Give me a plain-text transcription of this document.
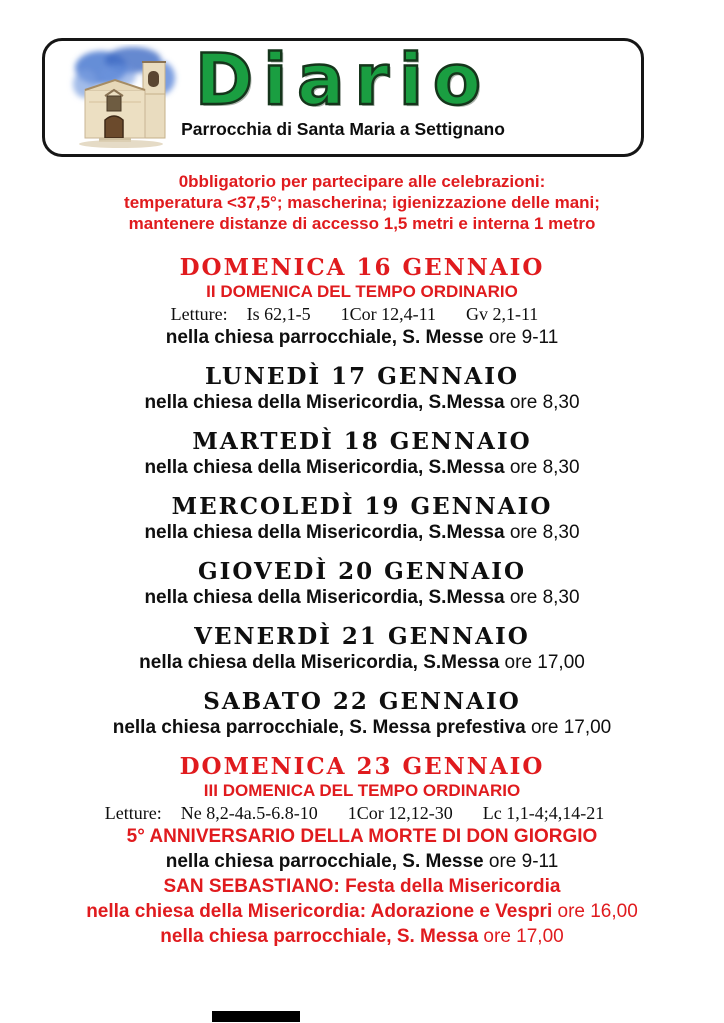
Diario
Parrocchia di Santa Maria a Settignano
0bbligatorio per partecipare alle celebrazioni:
temperatura <37,5°; mascherina; igienizzazione delle mani;
mantenere distanze di accesso 1,5 metri e interna 1 metro
DOMENICA 16 GENNAIO
II DOMENICA DEL TEMPO ORDINARIO
Letture: Is 62,1-5 1Cor 12,4-11 Gv 2,1-11
nella chiesa parrocchiale, S. Messe ore 9-11
LUNEDÌ 17 GENNAIO
nella chiesa della Misericordia, S.Messa ore 8,30
MARTEDÌ 18 GENNAIO
nella chiesa della Misericordia, S.Messa ore 8,30
MERCOLEDÌ 19 GENNAIO
nella chiesa della Misericordia, S.Messa ore 8,30
GIOVEDÌ 20 GENNAIO
nella chiesa della Misericordia, S.Messa ore 8,30
VENERDÌ 21 GENNAIO
nella chiesa della Misericordia, S.Messa ore 17,00
SABATO 22 GENNAIO
nella chiesa parrocchiale, S. Messa prefestiva ore 17,00
DOMENICA 23 GENNAIO
III DOMENICA DEL TEMPO ORDINARIO
Letture: Ne 8,2-4a.5-6.8-10 1Cor 12,12-30 Lc 1,1-4;4,14-21
5° ANNIVERSARIO DELLA MORTE DI DON GIORGIO
nella chiesa parrocchiale, S. Messe ore 9-11
SAN SEBASTIANO: Festa della Misericordia
nella chiesa della Misericordia: Adorazione e Vespri ore 16,00
nella chiesa parrocchiale, S. Messa ore 17,00
